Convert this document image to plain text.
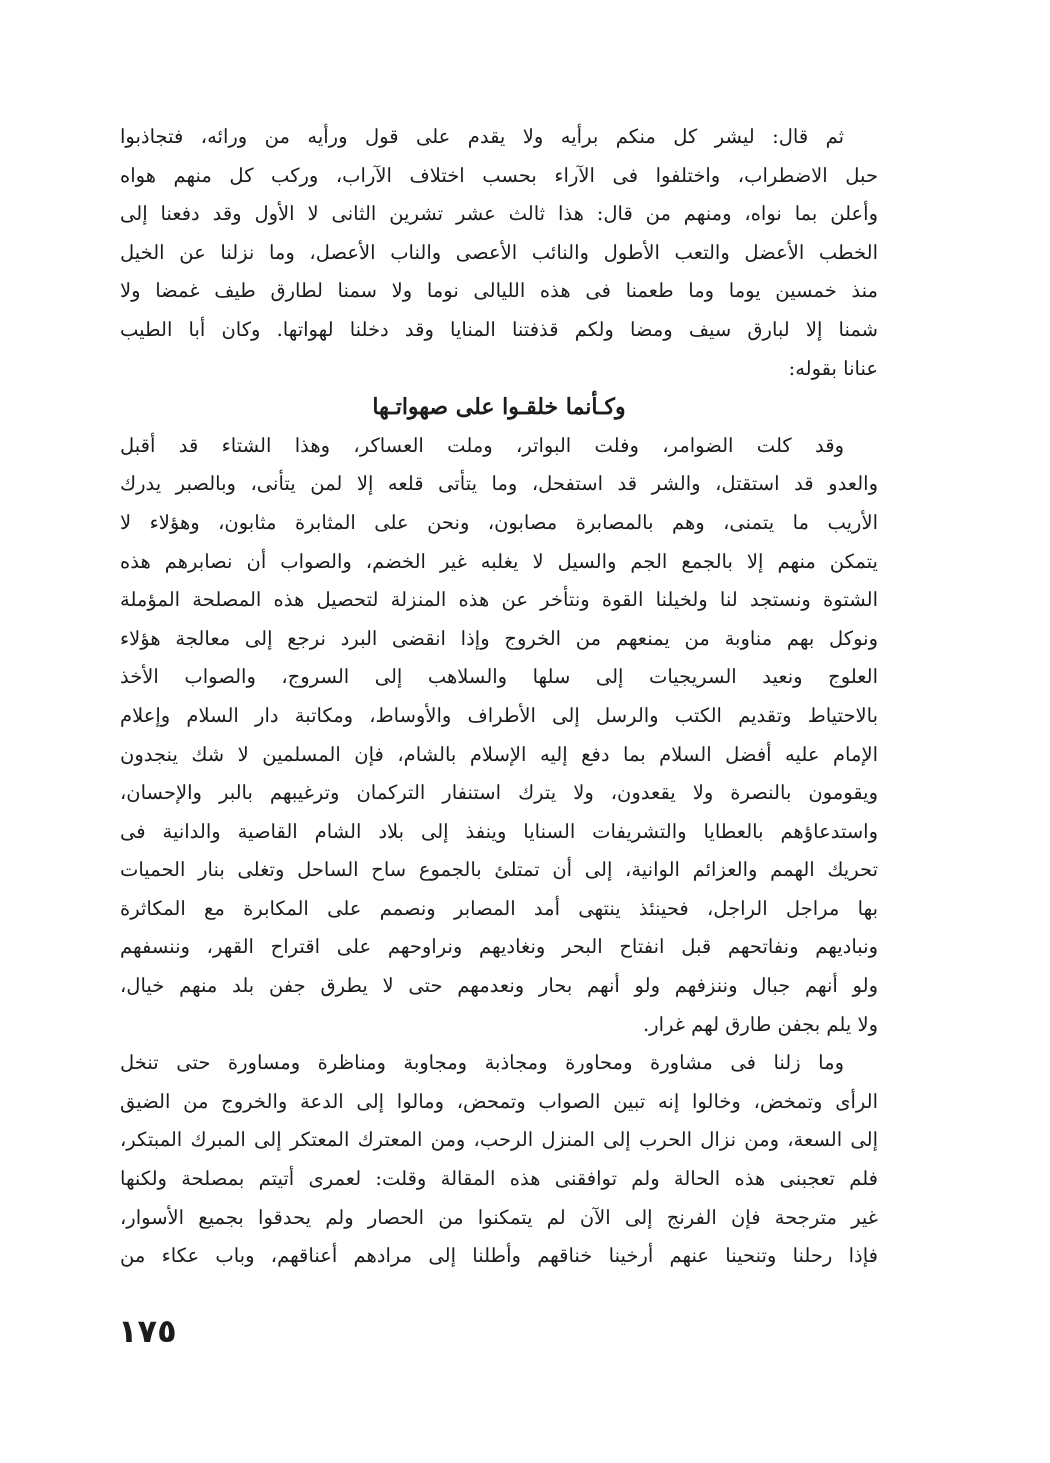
ثم قال: ليشر كل منكم برأيه ولا يقدم على قول ورأيه من ورائه، فتجاذبوا
حبل الاضطراب، واختلفوا فى الآراء بحسب اختلاف الآراب، وركب كل منهم هواه
وأعلن بما نواه، ومنهم من قال: هذا ثالث عشر تشرين الثانى لا الأول وقد دفعنا إلى
الخطب الأعضل والتعب الأطول والنائب الأعصى والناب الأعصل، وما نزلنا عن الخيل
منذ خمسين يوما وما طعمنا فى هذه الليالى نوما ولا سمنا لطارق طيف غمضا ولا
شمنا إلا لبارق سيف ومضا ولكم قذفتنا المنايا وقد دخلنا لهواتها. وكان أبا الطيب
عنانا بقوله:
وكـأنما خلقـوا على صهواتـها
وقد كلت الضوامر، وفلت البواتر، وملت العساكر، وهذا الشتاء قد أقبل
والعدو قد استقتل، والشر قد استفحل، وما يتأتى قلعه إلا لمن يتأنى، وبالصبر يدرك
الأريب ما يتمنى، وهم بالمصابرة مصابون، ونحن على المثابرة مثابون، وهؤلاء لا
يتمكن منهم إلا بالجمع الجم والسيل لا يغلبه غير الخضم، والصواب أن نصابرهم هذه
الشتوة ونستجد لنا ولخيلنا القوة ونتأخر عن هذه المنزلة لتحصيل هذه المصلحة المؤملة
ونوكل بهم مناوبة من يمنعهم من الخروج وإذا انقضى البرد نرجع إلى معالجة هؤلاء
العلوج ونعيد السريجيات إلى سلها والسلاهب إلى السروج، والصواب الأخذ
بالاحتياط وتقديم الكتب والرسل إلى الأطراف والأوساط، ومكاتبة دار السلام وإعلام
الإمام عليه أفضل السلام بما دفع إليه الإسلام بالشام، فإن المسلمين لا شك ينجدون
ويقومون بالنصرة ولا يقعدون، ولا يترك استنفار التركمان وترغيبهم بالبر والإحسان،
واستدعاؤهم بالعطايا والتشريفات السنايا وينفذ إلى بلاد الشام القاصية والدانية فى
تحريك الهمم والعزائم الوانية، إلى أن تمتلئ بالجموع ساح الساحل وتغلى بنار الحميات
بها مراجل الراجل، فحينئذ ينتهى أمد المصابر ونصمم على المكابرة مع المكاثرة
ونباديهم ونفاتحهم قبل انفتاح البحر ونغاديهم ونراوحهم على اقتراح القهر، وننسفهم
ولو أنهم جبال وننزفهم ولو أنهم بحار ونعدمهم حتى لا يطرق جفن بلد منهم خيال،
ولا يلم بجفن طارق لهم غرار.
وما زلنا فى مشاورة ومحاورة ومجاذبة ومجاوبة ومناظرة ومساورة حتى تنخل
الرأى وتمخض، وخالوا إنه تبين الصواب وتمحض، ومالوا إلى الدعة والخروج من الضيق
إلى السعة، ومن نزال الحرب إلى المنزل الرحب، ومن المعترك المعتكر إلى المبرك المبتكر،
فلم تعجبنى هذه الحالة ولم توافقنى هذه المقالة وقلت: لعمرى أتيتم بمصلحة ولكنها
غير مترجحة فإن الفرنج إلى الآن لم يتمكنوا من الحصار ولم يحدقوا بجميع الأسوار،
فإذا رحلنا وتنحينا عنهم أرخينا خناقهم وأطلنا إلى مرادهم أعناقهم، وباب عكاء من
١٧٥
